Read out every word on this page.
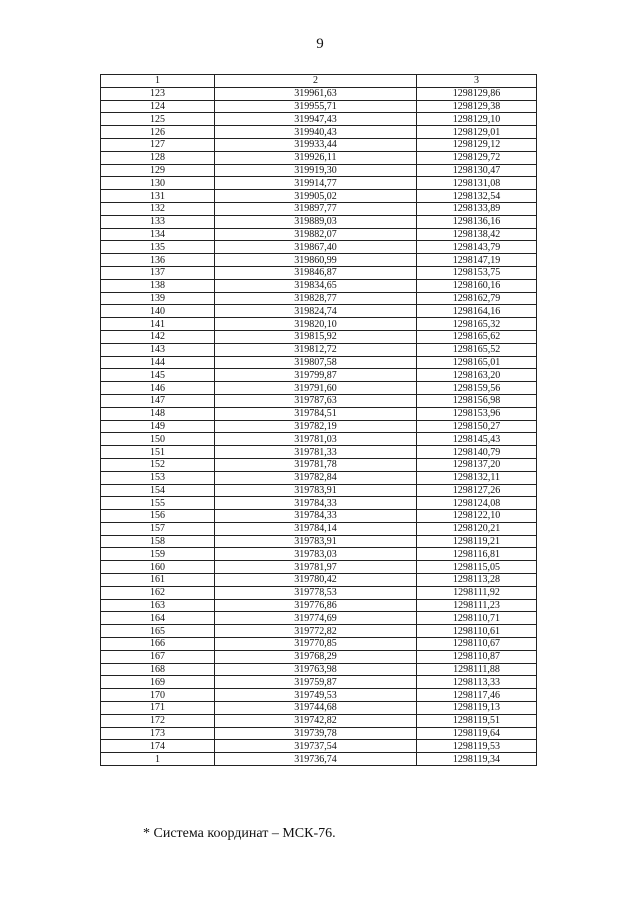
9
1	2	3
123	319961,63	1298129,86
124	319955,71	1298129,38
125	319947,43	1298129,10
126	319940,43	1298129,01
127	319933,44	1298129,12
128	319926,11	1298129,72
129	319919,30	1298130,47
130	319914,77	1298131,08
131	319905,02	1298132,54
132	319897,77	1298133,89
133	319889,03	1298136,16
134	319882,07	1298138,42
135	319867,40	1298143,79
136	319860,99	1298147,19
137	319846,87	1298153,75
138	319834,65	1298160,16
139	319828,77	1298162,79
140	319824,74	1298164,16
141	319820,10	1298165,32
142	319815,92	1298165,62
143	319812,72	1298165,52
144	319807,58	1298165,01
145	319799,87	1298163,20
146	319791,60	1298159,56
147	319787,63	1298156,98
148	319784,51	1298153,96
149	319782,19	1298150,27
150	319781,03	1298145,43
151	319781,33	1298140,79
152	319781,78	1298137,20
153	319782,84	1298132,11
154	319783,91	1298127,26
155	319784,33	1298124,08
156	319784,33	1298122,10
157	319784,14	1298120,21
158	319783,91	1298119,21
159	319783,03	1298116,81
160	319781,97	1298115,05
161	319780,42	1298113,28
162	319778,53	1298111,92
163	319776,86	1298111,23
164	319774,69	1298110,71
165	319772,82	1298110,61
166	319770,85	1298110,67
167	319768,29	1298110,87
168	319763,98	1298111,88
169	319759,87	1298113,33
170	319749,53	1298117,46
171	319744,68	1298119,13
172	319742,82	1298119,51
173	319739,78	1298119,64
174	319737,54	1298119,53
1	319736,74	1298119,34
* Система координат – МСК-76.
